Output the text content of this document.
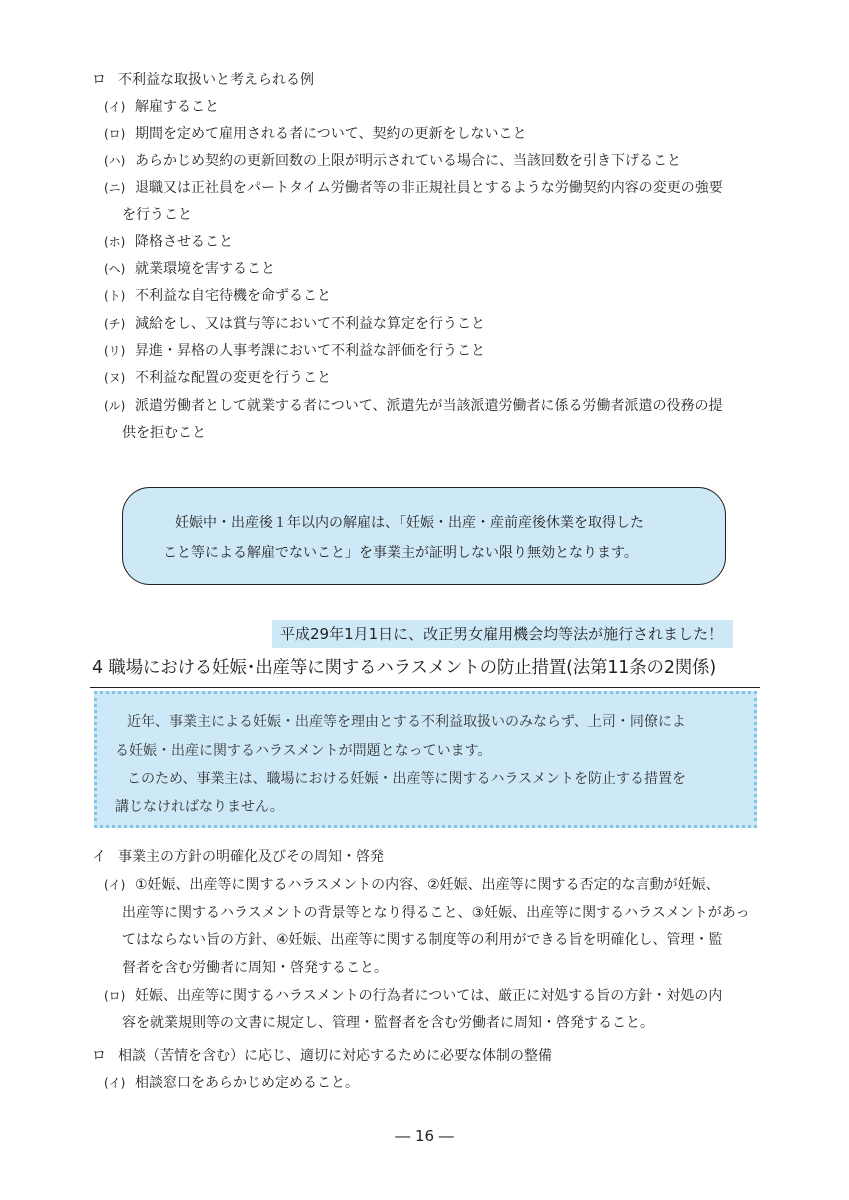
ロ 不利益な取扱いと考えられる例
(イ) 解雇すること
(ロ) 期間を定めて雇用される者について、契約の更新をしないこと
(ハ) あらかじめ契約の更新回数の上限が明示されている場合に、当該回数を引き下げること
(ニ) 退職又は正社員をパートタイム労働者等の非正規社員とするような労働契約内容の変更の強要
を行うこと
(ホ) 降格させること
(ヘ) 就業環境を害すること
(ト) 不利益な自宅待機を命ずること
(チ) 減給をし、又は賞与等において不利益な算定を行うこと
(リ) 昇進・昇格の人事考課において不利益な評価を行うこと
(ヌ) 不利益な配置の変更を行うこと
(ル) 派遣労働者として就業する者について、派遣先が当該派遣労働者に係る労働者派遣の役務の提
供を拒むこと
妊娠中・出産後１年以内の解雇は、「妊娠・出産・産前産後休業を取得した
こと等による解雇でないこと」を事業主が証明しない限り無効となります。
平成29年1月1日に、改正男女雇用機会均等法が施行されました！
4 職場における妊娠･出産等に関するハラスメントの防止措置(法第11条の2関係)
近年、事業主による妊娠・出産等を理由とする不利益取扱いのみならず、上司・同僚によ
る妊娠・出産に関するハラスメントが問題となっています。
このため、事業主は、職場における妊娠・出産等に関するハラスメントを防止する措置を
講じなければなりません。
イ 事業主の方針の明確化及びその周知・啓発
(イ) ①妊娠、出産等に関するハラスメントの内容、②妊娠、出産等に関する否定的な言動が妊娠、
出産等に関するハラスメントの背景等となり得ること、③妊娠、出産等に関するハラスメントがあっ
てはならない旨の方針、④妊娠、出産等に関する制度等の利用ができる旨を明確化し、管理・監
督者を含む労働者に周知・啓発すること。
(ロ) 妊娠、出産等に関するハラスメントの行為者については、厳正に対処する旨の方針・対処の内
容を就業規則等の文書に規定し、管理・監督者を含む労働者に周知・啓発すること。
ロ 相談（苦情を含む）に応じ、適切に対応するために必要な体制の整備
(イ) 相談窓口をあらかじめ定めること。
― 16 ―
